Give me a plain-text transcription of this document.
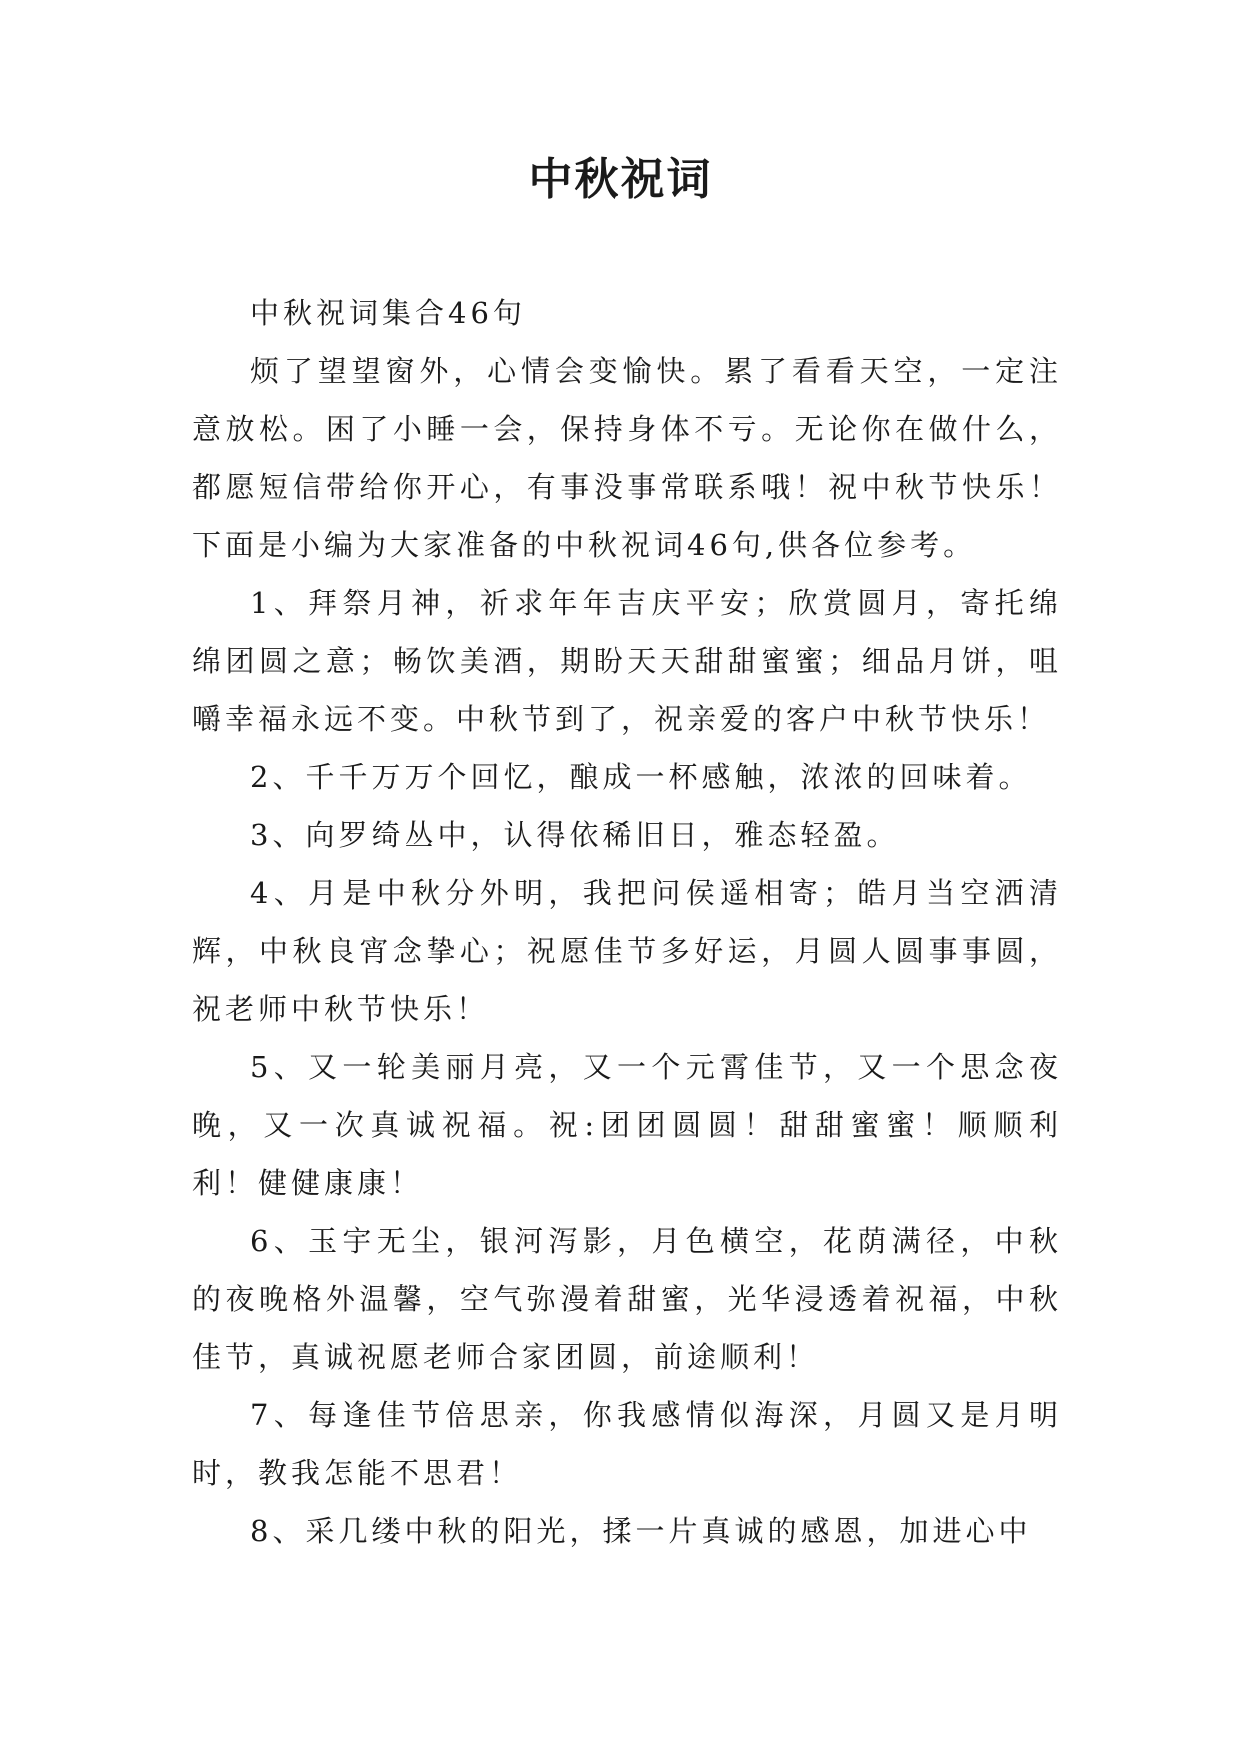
中秋祝词

中秋祝词集合46句

烦了望望窗外，心情会变愉快。累了看看天空，一定注意放松。困了小睡一会，保持身体不亏。无论你在做什么，都愿短信带给你开心，有事没事常联系哦！祝中秋节快乐！下面是小编为大家准备的中秋祝词46句,供各位参考。

1、拜祭月神，祈求年年吉庆平安；欣赏圆月，寄托绵绵团圆之意；畅饮美酒，期盼天天甜甜蜜蜜；细品月饼，咀嚼幸福永远不变。中秋节到了，祝亲爱的客户中秋节快乐！

2、千千万万个回忆，酿成一杯感触，浓浓的回味着。

3、向罗绮丛中，认得依稀旧日，雅态轻盈。

4、月是中秋分外明，我把问侯遥相寄；皓月当空洒清辉，中秋良宵念挚心；祝愿佳节多好运，月圆人圆事事圆，祝老师中秋节快乐！

5、又一轮美丽月亮，又一个元霄佳节，又一个思念夜晚，又一次真诚祝福。祝:团团圆圆！甜甜蜜蜜！顺顺利利！健健康康！

6、玉宇无尘，银河泻影，月色横空，花荫满径，中秋的夜晚格外温馨，空气弥漫着甜蜜，光华浸透着祝福，中秋佳节，真诚祝愿老师合家团圆，前途顺利！

7、每逢佳节倍思亲，你我感情似海深，月圆又是月明时，教我怎能不思君！

8、采几缕中秋的阳光，揉一片真诚的感恩，加进心中
